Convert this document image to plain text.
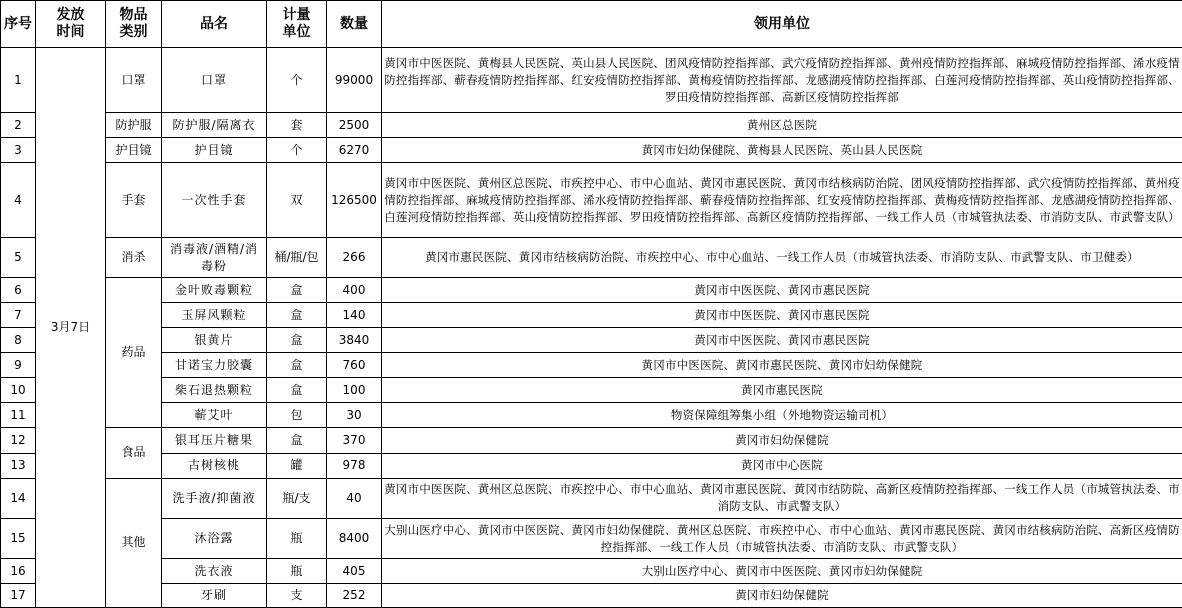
序号	发放时间	物品类别	品名	计量单位	数量	领用单位
1	3月7日	口罩	口罩	个	99000	黄冈市中医医院、黄梅县人民医院、英山县人民医院、团风疫情防控指挥部、武穴疫情防控指挥部、黄州疫情防控指挥部、麻城疫情防控指挥部、浠水疫情防控指挥部、蕲春疫情防控指挥部、红安疫情防控指挥部、黄梅疫情防控指挥部、龙感湖疫情防控指挥部、白莲河疫情防控指挥部、英山疫情防控指挥部、罗田疫情防控指挥部、高新区疫情防控指挥部
2		防护服	防护服/隔离衣	套	2500	黄州区总医院
3		护目镜	护目镜	个	6270	黄冈市妇幼保健院、黄梅县人民医院、英山县人民医院
4		手套	一次性手套	双	126500	黄冈市中医医院、黄州区总医院、市疾控中心、市中心血站、黄冈市惠民医院、黄冈市结核病防治院、团风疫情防控指挥部、武穴疫情防控指挥部、黄州疫情防控指挥部、麻城疫情防控指挥部、浠水疫情防控指挥部、蕲春疫情防控指挥部、红安疫情防控指挥部、黄梅疫情防控指挥部、龙感湖疫情防控指挥部、白莲河疫情防控指挥部、英山疫情防控指挥部、罗田疫情防控指挥部、高新区疫情防控指挥部、一线工作人员（市城管执法委、市消防支队、市武警支队）
5		消杀	消毒液/酒精/消毒粉	桶/瓶/包	266	黄冈市惠民医院、黄冈市结核病防治院、市疾控中心、市中心血站、一线工作人员（市城管执法委、市消防支队、市武警支队、市卫健委）
6		药品	金叶败毒颗粒	盒	400	黄冈市中医医院、黄冈市惠民医院
7			玉屏风颗粒	盒	140	黄冈市中医医院、黄冈市惠民医院
8			银黄片	盒	3840	黄冈市中医医院、黄冈市惠民医院
9			甘诺宝力胶囊	盒	760	黄冈市中医医院、黄冈市惠民医院、黄冈市妇幼保健院
10			柴石退热颗粒	盒	100	黄冈市惠民医院
11			蕲艾叶	包	30	物资保障组筹集小组（外地物资运输司机）
12		食品	银耳压片糖果	盒	370	黄冈市妇幼保健院
13			古树核桃	罐	978	黄冈市中心医院
14		其他	洗手液/抑菌液	瓶/支	40	黄冈市中医医院、黄州区总医院、市疾控中心、市中心血站、黄冈市惠民医院、黄冈市结防院、高新区疫情防控指挥部、一线工作人员（市城管执法委、市消防支队、市武警支队）
15			沐浴露	瓶	8400	大别山医疗中心、黄冈市中医医院、黄冈市妇幼保健院、黄州区总医院、市疾控中心、市中心血站、黄冈市惠民医院、黄冈市结核病防治院、高新区疫情防控指挥部、一线工作人员（市城管执法委、市消防支队、市武警支队）
16			洗衣液	瓶	405	大别山医疗中心、黄冈市中医医院、黄冈市妇幼保健院
17			牙刷	支	252	黄冈市妇幼保健院
